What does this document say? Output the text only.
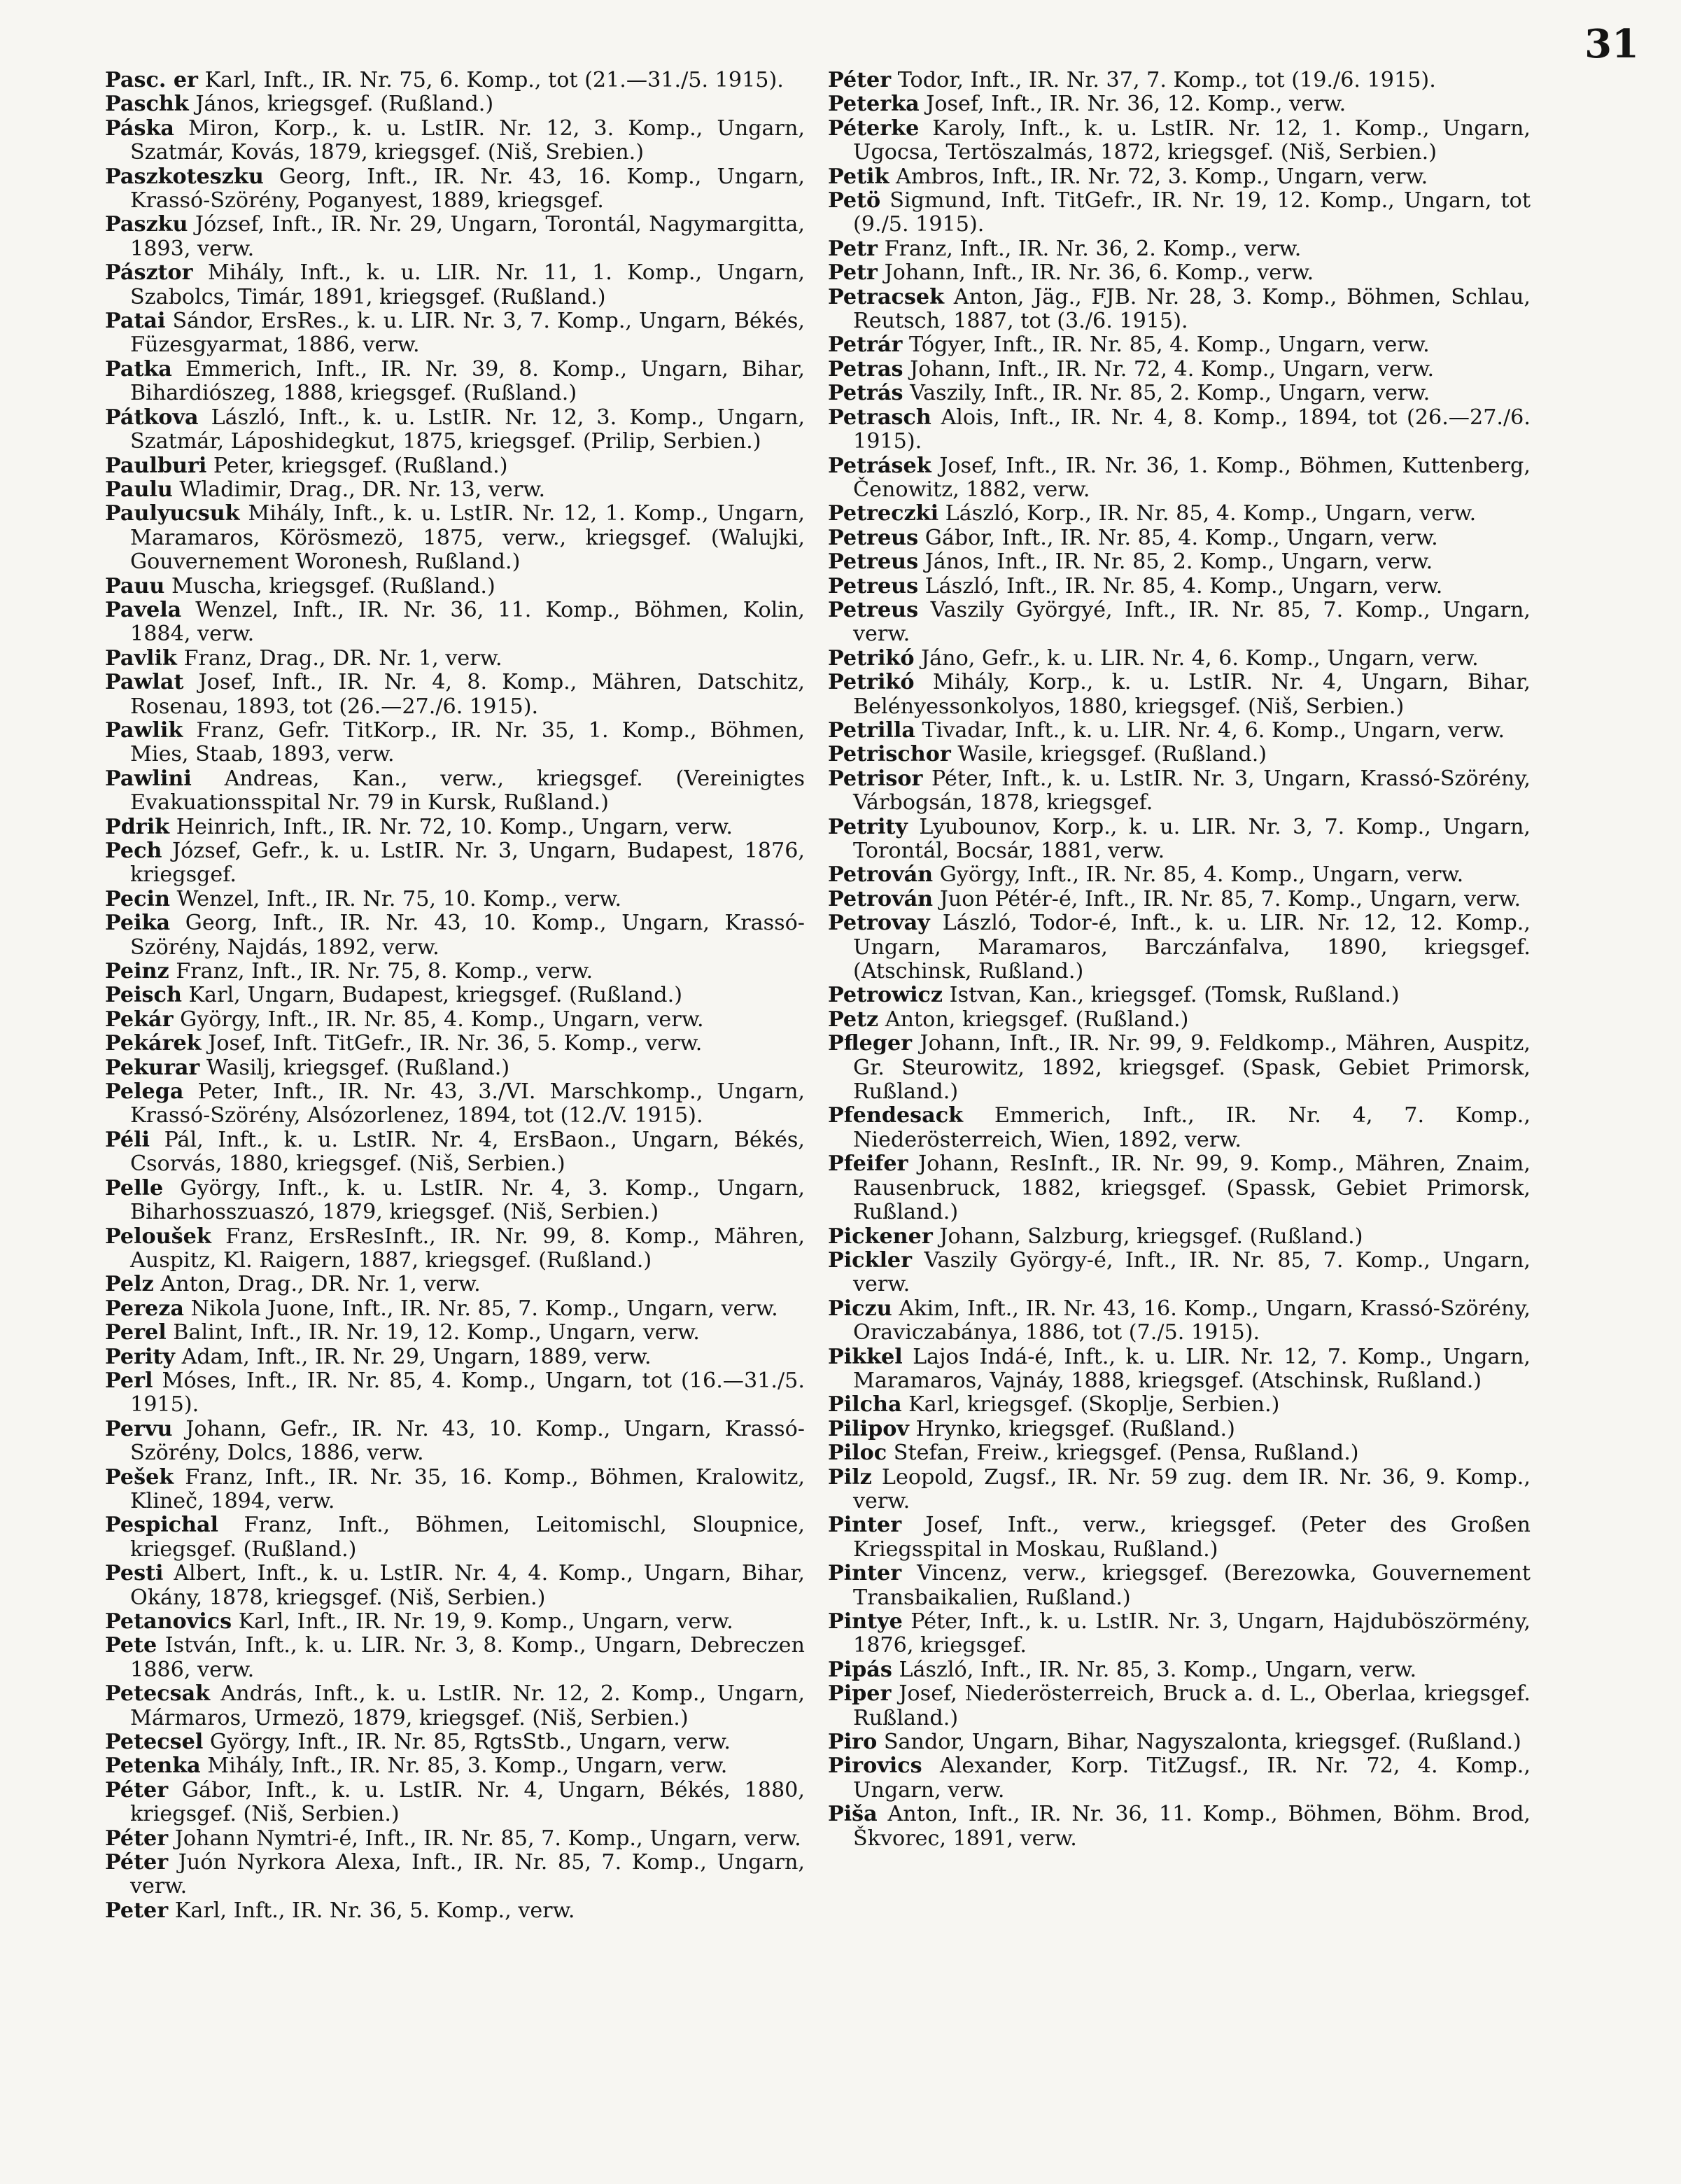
31

Pasc. er Karl, Inft., IR. Nr. 75, 6. Komp., tot (21.—31./5. 1915).

Paschk János, kriegsgef. (Rußland.)

Páska Miron, Korp., k. u. LstIR. Nr. 12, 3. Komp., Ungarn, Szatmár, Kovás, 1879, kriegsgef. (Niš, Srebien.)

Paszkoteszku Georg, Inft., IR. Nr. 43, 16. Komp., Ungarn, Krassó-Szörény, Poganyest, 1889, kriegsgef.

Paszku József, Inft., IR. Nr. 29, Ungarn, Torontál, Nagymargitta, 1893, verw.

Pásztor Mihály, Inft., k. u. LIR. Nr. 11, 1. Komp., Ungarn, Szabolcs, Timár, 1891, kriegsgef. (Rußland.)

Patai Sándor, ErsRes., k. u. LIR. Nr. 3, 7. Komp., Ungarn, Békés, Füzesgyarmat, 1886, verw.

Patka Emmerich, Inft., IR. Nr. 39, 8. Komp., Ungarn, Bihar, Bihardiószeg, 1888, kriegsgef. (Rußland.)

Pátkova László, Inft., k. u. LstIR. Nr. 12, 3. Komp., Ungarn, Szatmár, Láposhidegkut, 1875, kriegsgef. (Prilip, Serbien.)

Paulburi Peter, kriegsgef. (Rußland.)

Paulu Wladimir, Drag., DR. Nr. 13, verw.

Paulyucsuk Mihály, Inft., k. u. LstIR. Nr. 12, 1. Komp., Ungarn, Maramaros, Körösmezö, 1875, verw., kriegsgef. (Walujki, Gouvernement Woronesh, Rußland.)

Pauu Muscha, kriegsgef. (Rußland.)

Pavela Wenzel, Inft., IR. Nr. 36, 11. Komp., Böhmen, Kolin, 1884, verw.

Pavlik Franz, Drag., DR. Nr. 1, verw.

Pawlat Josef, Inft., IR. Nr. 4, 8. Komp., Mähren, Datschitz, Rosenau, 1893, tot (26.—27./6. 1915).

Pawlik Franz, Gefr. TitKorp., IR. Nr. 35, 1. Komp., Böhmen, Mies, Staab, 1893, verw.

Pawlini Andreas, Kan., verw., kriegsgef. (Vereinigtes Evakuationsspital Nr. 79 in Kursk, Rußland.)

Pdrik Heinrich, Inft., IR. Nr. 72, 10. Komp., Ungarn, verw.

Pech József, Gefr., k. u. LstIR. Nr. 3, Ungarn, Budapest, 1876, kriegsgef.

Pecin Wenzel, Inft., IR. Nr. 75, 10. Komp., verw.

Peika Georg, Inft., IR. Nr. 43, 10. Komp., Ungarn, Krassó-Szörény, Najdás, 1892, verw.

Peinz Franz, Inft., IR. Nr. 75, 8. Komp., verw.

Peisch Karl, Ungarn, Budapest, kriegsgef. (Rußland.)

Pekár György, Inft., IR. Nr. 85, 4. Komp., Ungarn, verw.

Pekárek Josef, Inft. TitGefr., IR. Nr. 36, 5. Komp., verw.

Pekurar Wasilj, kriegsgef. (Rußland.)

Pelega Peter, Inft., IR. Nr. 43, 3./VI. Marschkomp., Ungarn, Krassó-Szörény, Alsózorlenez, 1894, tot (12./V. 1915).

Péli Pál, Inft., k. u. LstIR. Nr. 4, ErsBaon., Ungarn, Békés, Csorvás, 1880, kriegsgef. (Niš, Serbien.)

Pelle György, Inft., k. u. LstIR. Nr. 4, 3. Komp., Ungarn, Biharhosszuaszó, 1879, kriegsgef. (Niš, Serbien.)

Peloušek Franz, ErsResInft., IR. Nr. 99, 8. Komp., Mähren, Auspitz, Kl. Raigern, 1887, kriegsgef. (Rußland.)

Pelz Anton, Drag., DR. Nr. 1, verw.

Pereza Nikola Juone, Inft., IR. Nr. 85, 7. Komp., Ungarn, verw.

Perel Balint, Inft., IR. Nr. 19, 12. Komp., Ungarn, verw.

Perity Adam, Inft., IR. Nr. 29, Ungarn, 1889, verw.

Perl Móses, Inft., IR. Nr. 85, 4. Komp., Ungarn, tot (16.—31./5. 1915).

Pervu Johann, Gefr., IR. Nr. 43, 10. Komp., Ungarn, Krassó-Szörény, Dolcs, 1886, verw.

Pešek Franz, Inft., IR. Nr. 35, 16. Komp., Böhmen, Kralowitz, Klineč, 1894, verw.

Pespichal Franz, Inft., Böhmen, Leitomischl, Sloupnice, kriegsgef. (Rußland.)

Pesti Albert, Inft., k. u. LstIR. Nr. 4, 4. Komp., Ungarn, Bihar, Okány, 1878, kriegsgef. (Niš, Serbien.)

Petanovics Karl, Inft., IR. Nr. 19, 9. Komp., Ungarn, verw.

Pete István, Inft., k. u. LIR. Nr. 3, 8. Komp., Ungarn, Debreczen 1886, verw.

Petecsak András, Inft., k. u. LstIR. Nr. 12, 2. Komp., Ungarn, Mármaros, Urmezö, 1879, kriegsgef. (Niš, Serbien.)

Petecsel György, Inft., IR. Nr. 85, RgtsStb., Ungarn, verw.

Petenka Mihály, Inft., IR. Nr. 85, 3. Komp., Ungarn, verw.

Péter Gábor, Inft., k. u. LstIR. Nr. 4, Ungarn, Békés, 1880, kriegsgef. (Niš, Serbien.)

Péter Johann Nymtri-é, Inft., IR. Nr. 85, 7. Komp., Ungarn, verw.

Péter Juón Nyrkora Alexa, Inft., IR. Nr. 85, 7. Komp., Ungarn, verw.

Peter Karl, Inft., IR. Nr. 36, 5. Komp., verw.

Péter Todor, Inft., IR. Nr. 37, 7. Komp., tot (19./6. 1915).

Peterka Josef, Inft., IR. Nr. 36, 12. Komp., verw.

Péterke Karoly, Inft., k. u. LstIR. Nr. 12, 1. Komp., Ungarn, Ugocsa, Tertöszalmás, 1872, kriegsgef. (Niš, Serbien.)

Petik Ambros, Inft., IR. Nr. 72, 3. Komp., Ungarn, verw.

Petö Sigmund, Inft. TitGefr., IR. Nr. 19, 12. Komp., Ungarn, tot (9./5. 1915).

Petr Franz, Inft., IR. Nr. 36, 2. Komp., verw.

Petr Johann, Inft., IR. Nr. 36, 6. Komp., verw.

Petracsek Anton, Jäg., FJB. Nr. 28, 3. Komp., Böhmen, Schlau, Reutsch, 1887, tot (3./6. 1915).

Petrár Tógyer, Inft., IR. Nr. 85, 4. Komp., Ungarn, verw.

Petras Johann, Inft., IR. Nr. 72, 4. Komp., Ungarn, verw.

Petrás Vaszily, Inft., IR. Nr. 85, 2. Komp., Ungarn, verw.

Petrasch Alois, Inft., IR. Nr. 4, 8. Komp., 1894, tot (26.—27./6. 1915).

Petrásek Josef, Inft., IR. Nr. 36, 1. Komp., Böhmen, Kuttenberg, Čenowitz, 1882, verw.

Petreczki László, Korp., IR. Nr. 85, 4. Komp., Ungarn, verw.

Petreus Gábor, Inft., IR. Nr. 85, 4. Komp., Ungarn, verw.

Petreus János, Inft., IR. Nr. 85, 2. Komp., Ungarn, verw.

Petreus László, Inft., IR. Nr. 85, 4. Komp., Ungarn, verw.

Petreus Vaszily Györgyé, Inft., IR. Nr. 85, 7. Komp., Ungarn, verw.

Petrikó Jáno, Gefr., k. u. LIR. Nr. 4, 6. Komp., Ungarn, verw.

Petrikó Mihály, Korp., k. u. LstIR. Nr. 4, Ungarn, Bihar, Belényessonkolyos, 1880, kriegsgef. (Niš, Serbien.)

Petrilla Tivadar, Inft., k. u. LIR. Nr. 4, 6. Komp., Ungarn, verw.

Petrischor Wasile, kriegsgef. (Rußland.)

Petrisor Péter, Inft., k. u. LstIR. Nr. 3, Ungarn, Krassó-Szörény, Várbogsán, 1878, kriegsgef.

Petrity Lyubounov, Korp., k. u. LIR. Nr. 3, 7. Komp., Ungarn, Torontál, Bocsár, 1881, verw.

Petrován György, Inft., IR. Nr. 85, 4. Komp., Ungarn, verw.

Petrován Juon Pétér-é, Inft., IR. Nr. 85, 7. Komp., Ungarn, verw.

Petrovay László, Todor-é, Inft., k. u. LIR. Nr. 12, 12. Komp., Ungarn, Maramaros, Barczánfalva, 1890, kriegsgef. (Atschinsk, Rußland.)

Petrowicz Istvan, Kan., kriegsgef. (Tomsk, Rußland.)

Petz Anton, kriegsgef. (Rußland.)

Pfleger Johann, Inft., IR. Nr. 99, 9. Feldkomp., Mähren, Auspitz, Gr. Steurowitz, 1892, kriegsgef. (Spask, Gebiet Primorsk, Rußland.)

Pfendesack Emmerich, Inft., IR. Nr. 4, 7. Komp., Niederösterreich, Wien, 1892, verw.

Pfeifer Johann, ResInft., IR. Nr. 99, 9. Komp., Mähren, Znaim, Rausenbruck, 1882, kriegsgef. (Spassk, Gebiet Primorsk, Rußland.)

Pickener Johann, Salzburg, kriegsgef. (Rußland.)

Pickler Vaszily György-é, Inft., IR. Nr. 85, 7. Komp., Ungarn, verw.

Piczu Akim, Inft., IR. Nr. 43, 16. Komp., Ungarn, Krassó-Szörény, Oraviczabánya, 1886, tot (7./5. 1915).

Pikkel Lajos Indá-é, Inft., k. u. LIR. Nr. 12, 7. Komp., Ungarn, Maramaros, Vajnáy, 1888, kriegsgef. (Atschinsk, Rußland.)

Pilcha Karl, kriegsgef. (Skoplje, Serbien.)

Pilipov Hrynko, kriegsgef. (Rußland.)

Piloc Stefan, Freiw., kriegsgef. (Pensa, Rußland.)

Pilz Leopold, Zugsf., IR. Nr. 59 zug. dem IR. Nr. 36, 9. Komp., verw.

Pinter Josef, Inft., verw., kriegsgef. (Peter des Großen Kriegsspital in Moskau, Rußland.)

Pinter Vincenz, verw., kriegsgef. (Berezowka, Gouvernement Transbaikalien, Rußland.)

Pintye Péter, Inft., k. u. LstIR. Nr. 3, Ungarn, Hajduböszörmény, 1876, kriegsgef.

Pipás László, Inft., IR. Nr. 85, 3. Komp., Ungarn, verw.

Piper Josef, Niederösterreich, Bruck a. d. L., Oberlaa, kriegsgef. Rußland.)

Piro Sandor, Ungarn, Bihar, Nagyszalonta, kriegsgef. (Rußland.)

Pirovics Alexander, Korp. TitZugsf., IR. Nr. 72, 4. Komp., Ungarn, verw.

Piša Anton, Inft., IR. Nr. 36, 11. Komp., Böhmen, Böhm. Brod, Škvorec, 1891, verw.
